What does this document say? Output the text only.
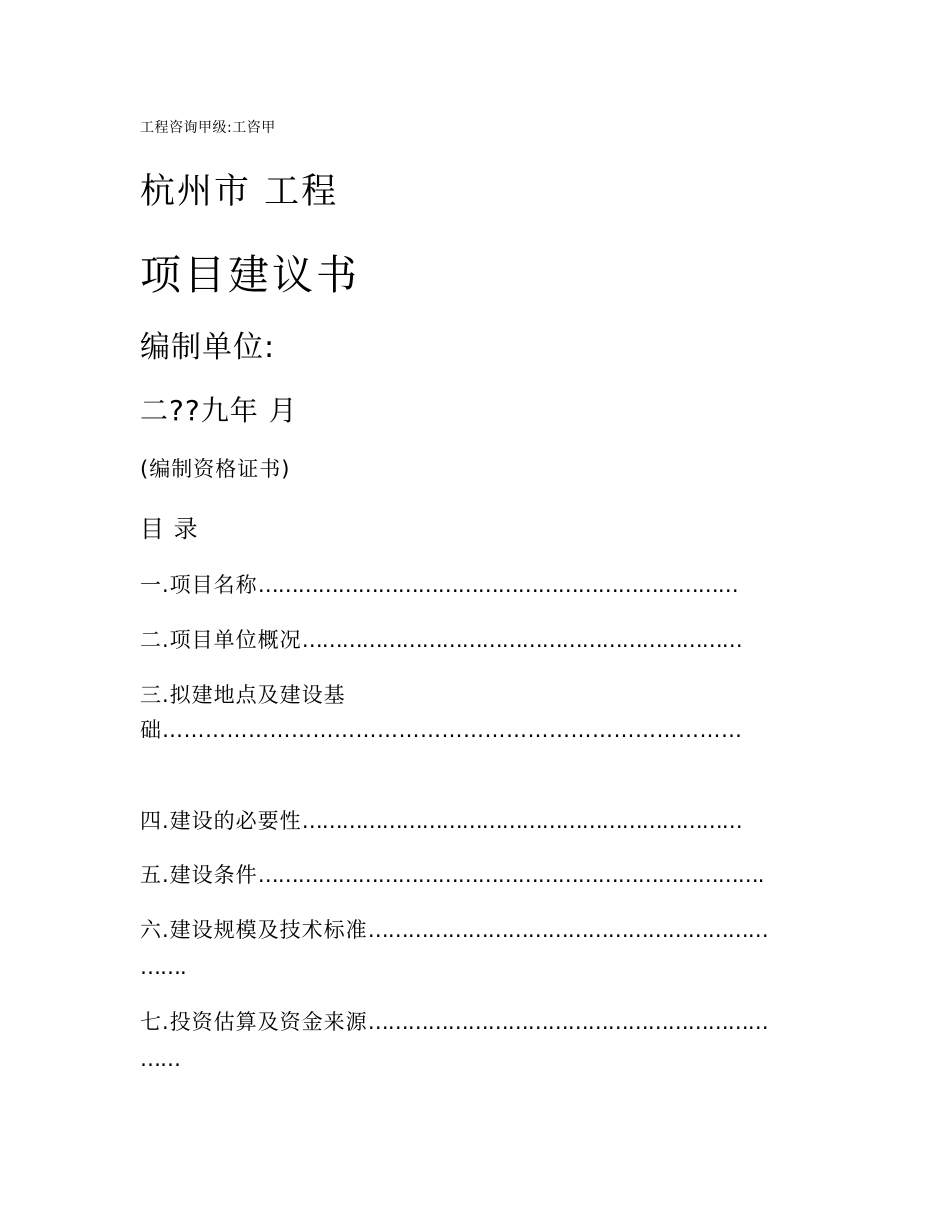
工程咨询甲级:工咨甲
杭州市 工程
项目建议书
编制单位:
二??九年 月
(编制资格证书)
目 录
一.项目名称………………………………………………………………
二.项目单位概况…………………………………………………………
三.拟建地点及建设基
础………………………………………………………………………
四.建设的必要性…………………………………………………………
五.建设条件………………………………………………………………….
六.建设规模及技术标准……………………………………………………
…….
七.投资估算及资金来源……………………………………………………
……
